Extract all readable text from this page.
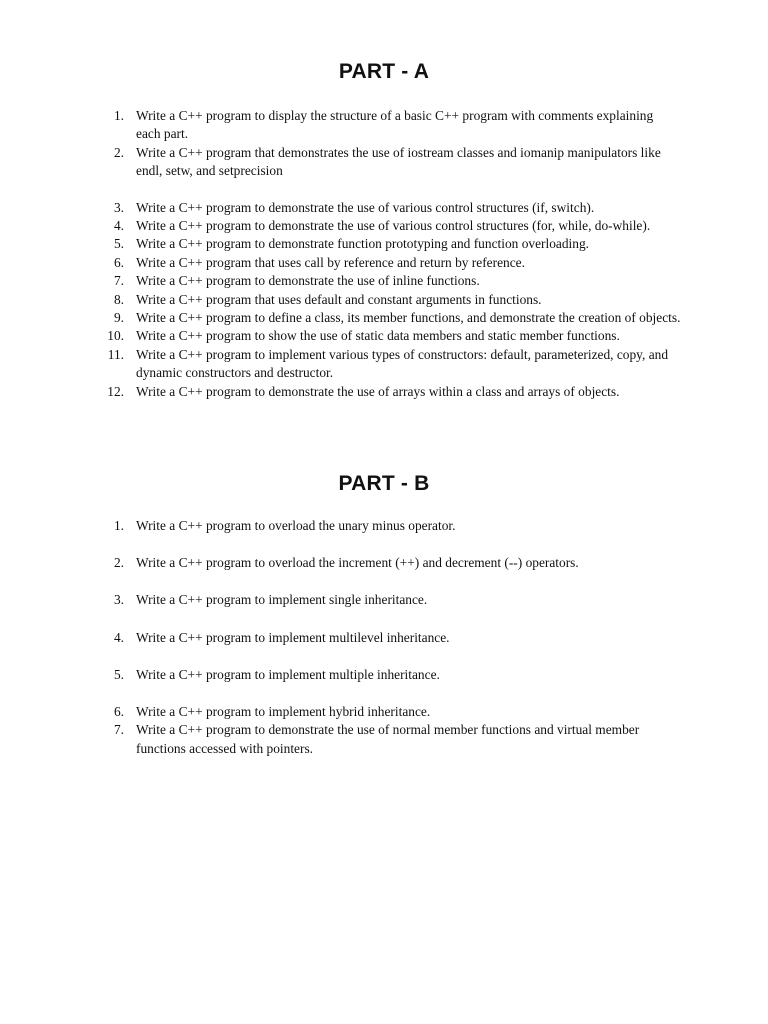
PART - A
1. Write a C++ program to display the structure of a basic C++ program with comments explaining each part.
2. Write a C++ program that demonstrates the use of iostream classes and iomanip manipulators like endl, setw, and setprecision
3. Write a C++ program to demonstrate the use of various control structures (if, switch).
4. Write a C++ program to demonstrate the use of various control structures (for, while, do-while).
5. Write a C++ program to demonstrate function prototyping and function overloading.
6. Write a C++ program that uses call by reference and return by reference.
7. Write a C++ program to demonstrate the use of inline functions.
8. Write a C++ program that uses default and constant arguments in functions.
9. Write a C++ program to define a class, its member functions, and demonstrate the creation of objects.
10. Write a C++ program to show the use of static data members and static member functions.
11. Write a C++ program to implement various types of constructors: default, parameterized, copy, and dynamic constructors and destructor.
12. Write a C++ program to demonstrate the use of arrays within a class and arrays of objects.
PART - B
1. Write a C++ program to overload the unary minus operator.
2. Write a C++ program to overload the increment (++) and decrement (--) operators.
3. Write a C++ program to implement single inheritance.
4. Write a C++ program to implement multilevel inheritance.
5. Write a C++ program to implement multiple inheritance.
6. Write a C++ program to implement hybrid inheritance.
7. Write a C++ program to demonstrate the use of normal member functions and virtual member functions accessed with pointers.
